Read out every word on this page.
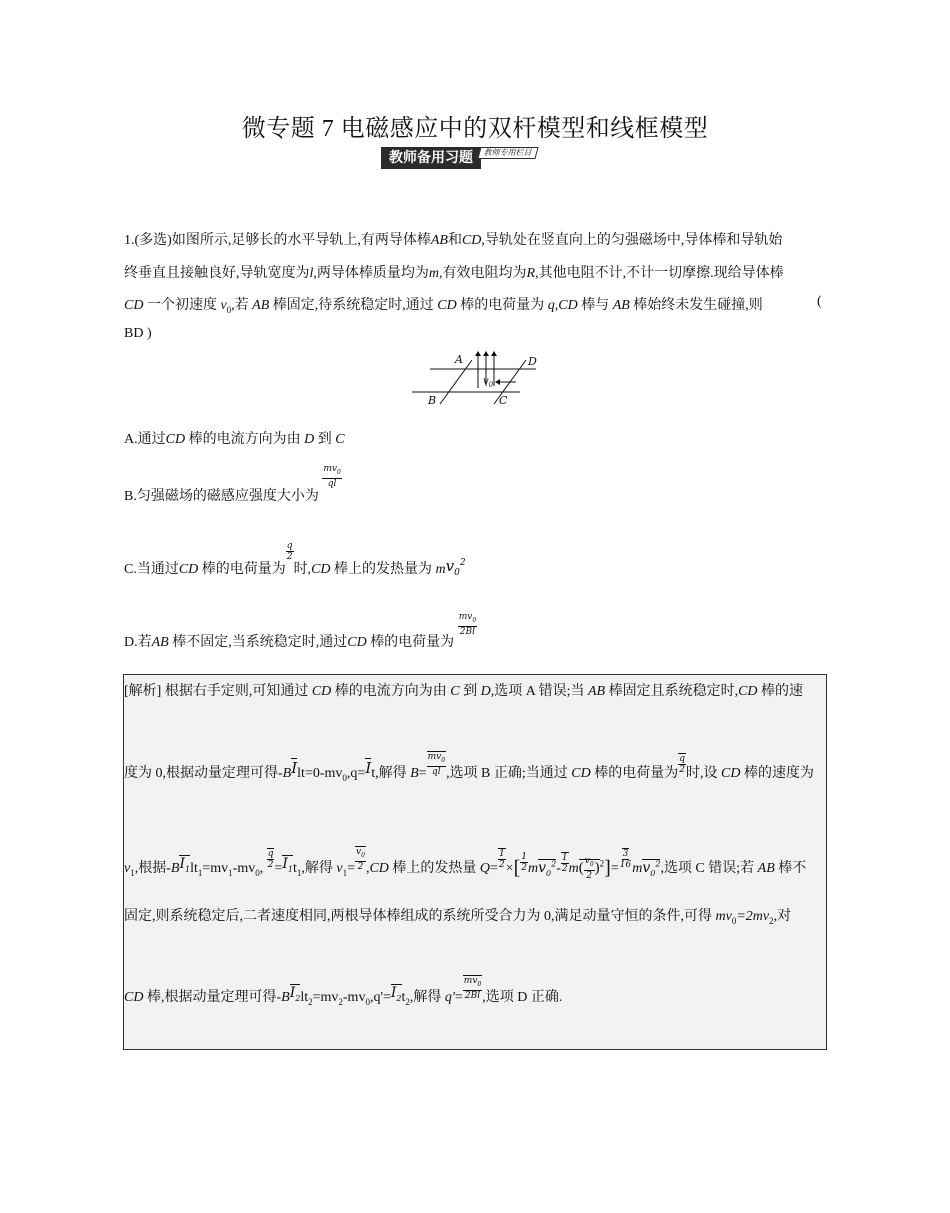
微专题 7 电磁感应中的双杆模型和线框模型
教师备用习题	教师专用栏目
1.(多选)如图所示,足够长的水平导轨上,有两导体棒AB和CD,导轨处在竖直向上的匀强磁场中,导体棒和导轨始
终垂直且接触良好,导轨宽度为l,两导体棒质量均为m,有效电阻均为R,其他电阻不计,不计一切摩擦.现给导体棒
CD 一个初速度 $v_0$,若 AB 棒固定,待系统稳定时,通过 CD 棒的电荷量为 q,CD 棒与 AB 棒始终未发生碰撞,则	(
BD )
A	D
B	C
$v_0$
A.通过CD 棒的电流方向为由 D 到 C
B.匀强磁场的磁感应强度大小为
$\frac{mv_0}{ql}$
C.当通过CD 棒的电荷量为
$\frac{q}{2}$
时,CD 棒上的发热量为 $mv_0^2$
D.若AB 棒不固定,当系统稳定时,通过CD 棒的电荷量为
$\frac{mv_0}{2Bl}$
[解析] 根据右手定则,可知通过 CD 棒的电流方向为由 C 到 D,选项 A 错误;当 AB 棒固定且系统稳定时,CD 棒的速
度为 0,根据动量定理可得$-BIlt=0-mv_0,q=It$,解得 $B= \frac{mv_0}{ql}$ ,选项 B 正确;当通过 CD 棒的电荷量为 $\frac{q}{2}$ 时,设 CD 棒的速度为
$v_1$,根据$-BI_1lt_1=mv_1-mv_0$, $\frac{q}{2} =I_1t_1$,解得 $v_1= \frac{v_0}{2} ,CD$ 棒上的发热量 $Q= \frac{1}{2}$ ×[ $\frac{1}{2} mv_0^2- \frac{1}{2} m( \frac{v_0}{2} )^2]= \frac{3}{16} mv_0^2$,选项 C 错误;若 AB 棒不
固定,则系统稳定后,二者速度相同,两根导体棒组成的系统所受合力为 0,满足动量守恒的条件,可得 $mv_0=2mv_2$,对
CD 棒,根据动量定理可得$-BI_2lt_2=mv_2-mv_0,q'=I_2t_2$,解得 $q'= \frac{mv_0}{2Bl}$ ,选项 D 正确.
